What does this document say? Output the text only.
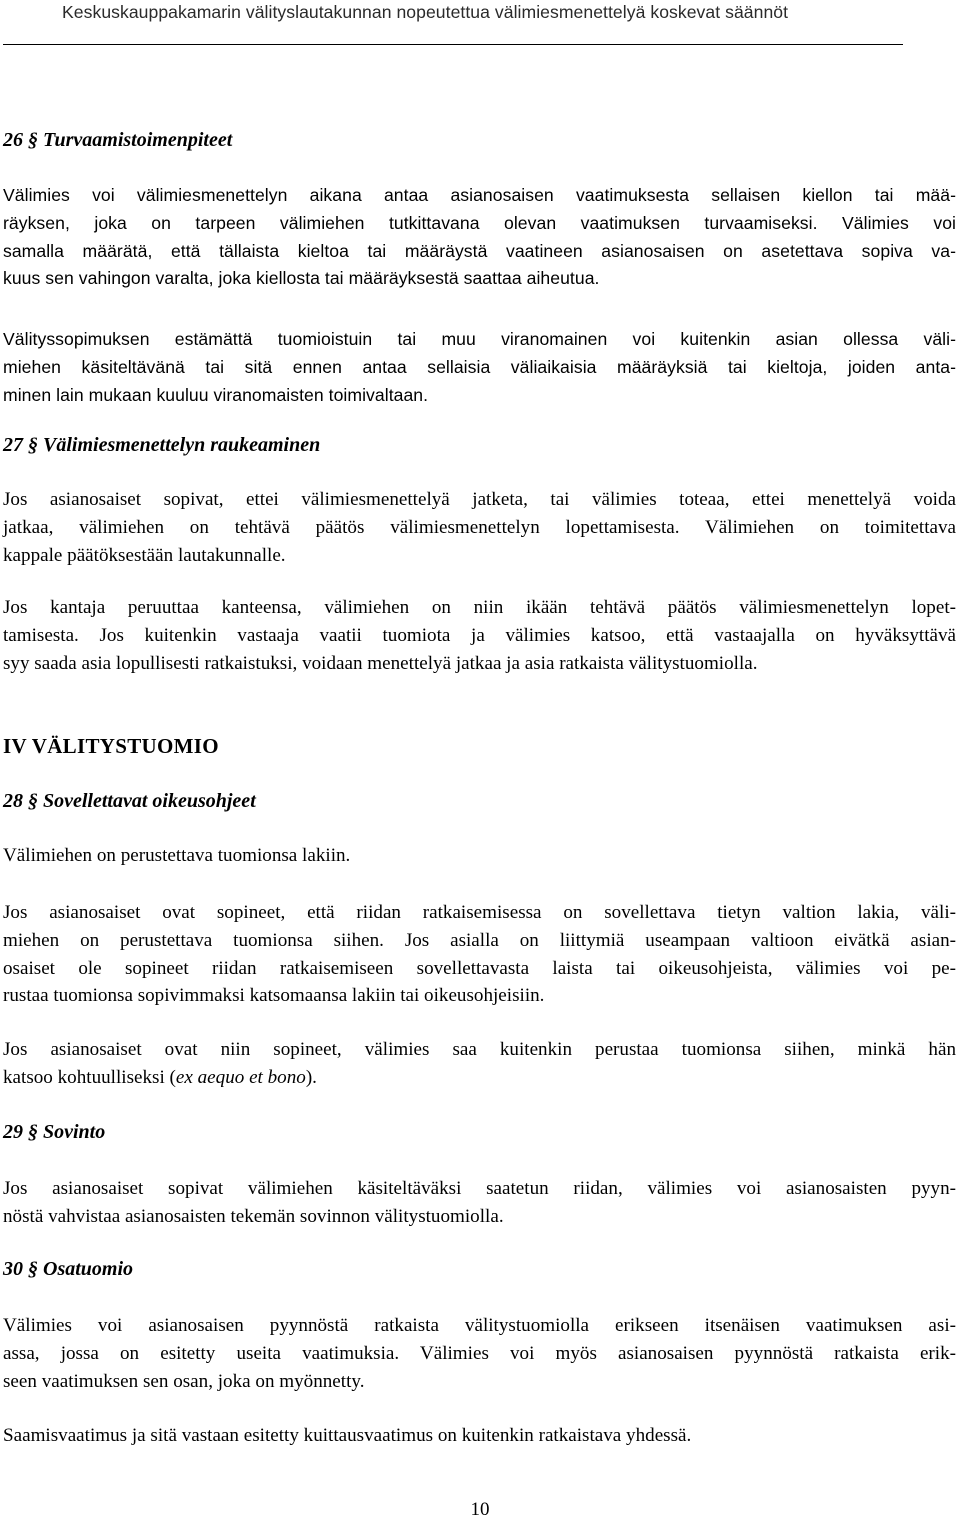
Keskuskauppakamarin välityslautakunnan nopeutettua välimiesmenettelyä koskevat säännöt
26 § Turvaamistoimenpiteet
Välimies voi välimiesmenettelyn aikana antaa asianosaisen vaatimuksesta sellaisen kiellon tai mää-
räyksen, joka on tarpeen välimiehen tutkittavana olevan vaatimuksen turvaamiseksi. Välimies voi
samalla määrätä, että tällaista kieltoa tai määräystä vaatineen asianosaisen on asetettava sopiva va-
kuus sen vahingon varalta, joka kiellosta tai määräyksestä saattaa aiheutua.
Välityssopimuksen estämättä tuomioistuin tai muu viranomainen voi kuitenkin asian ollessa väli-
miehen käsiteltävänä tai sitä ennen antaa sellaisia väliaikaisia määräyksiä tai kieltoja, joiden anta-
minen lain mukaan kuuluu viranomaisten toimivaltaan.
27 § Välimiesmenettelyn raukeaminen
Jos asianosaiset sopivat, ettei välimiesmenettelyä jatketa, tai välimies toteaa, ettei menettelyä voida
jatkaa, välimiehen on tehtävä päätös välimiesmenettelyn lopettamisesta. Välimiehen on toimitettava
kappale päätöksestään lautakunnalle.
Jos kantaja peruuttaa kanteensa, välimiehen on niin ikään tehtävä päätös välimiesmenettelyn lopet-
tamisesta. Jos kuitenkin vastaaja vaatii tuomiota ja välimies katsoo, että vastaajalla on hyväksyttävä
syy saada asia lopullisesti ratkaistuksi, voidaan menettelyä jatkaa ja asia ratkaista välitystuomiolla.
IV VÄLITYSTUOMIO
28 § Sovellettavat oikeusohjeet
Välimiehen on perustettava tuomionsa lakiin.
Jos asianosaiset ovat sopineet, että riidan ratkaisemisessa on sovellettava tietyn valtion lakia, väli-
miehen on perustettava tuomionsa siihen. Jos asialla on liittymiä useampaan valtioon eivätkä asian-
osaiset ole sopineet riidan ratkaisemiseen sovellettavasta laista tai oikeusohjeista, välimies voi pe-
rustaa tuomionsa sopivimmaksi katsomaansa lakiin tai oikeusohjeisiin.
Jos asianosaiset ovat niin sopineet, välimies saa kuitenkin perustaa tuomionsa siihen, minkä hän
katsoo kohtuulliseksi (ex aequo et bono).
29 § Sovinto
Jos asianosaiset sopivat välimiehen käsiteltäväksi saatetun riidan, välimies voi asianosaisten pyyn-
nöstä vahvistaa asianosaisten tekemän sovinnon välitystuomiolla.
30 § Osatuomio
Välimies voi asianosaisen pyynnöstä ratkaista välitystuomiolla erikseen itsenäisen vaatimuksen asi-
assa, jossa on esitetty useita vaatimuksia. Välimies voi myös asianosaisen pyynnöstä ratkaista erik-
seen vaatimuksen sen osan, joka on myönnetty.
Saamisvaatimus ja sitä vastaan esitetty kuittausvaatimus on kuitenkin ratkaistava yhdessä.
10
